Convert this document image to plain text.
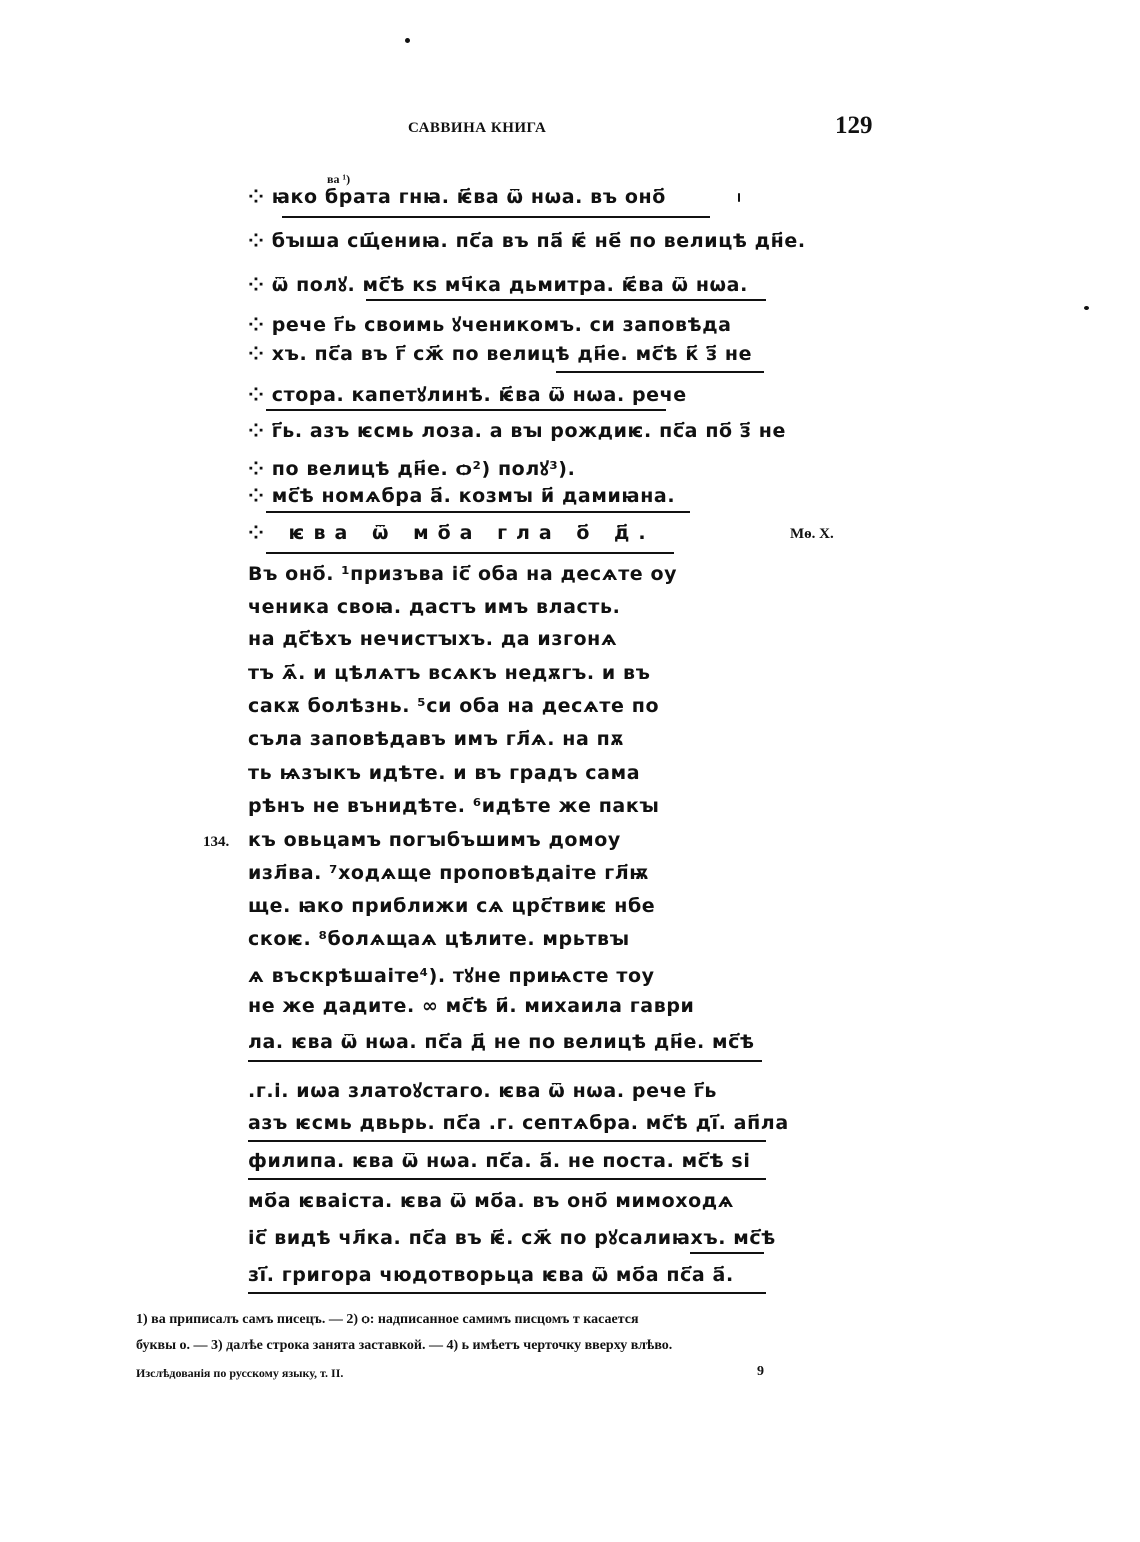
САВВИНА КНИГА	129
ва ¹)
Мѳ. X.
134.
⁘ ꙗко брата гнꙗ. ѥ҃ва ѿ нѡа. въ оно҃
⁘ бꙑша сщ҃ениꙗ. пс҃а въ па҃ ѥ҃ не҃ по велицѣ дн҃е.
⁘ ѿ полꙋ. мс҃ѣ кѕ мч҃ка дьмитра. ѥ҃ва ѿ нѡа.
⁘ рече г҃ь своимь ꙋченикомъ. си заповѣда
⁘ хъ. пс҃а въ г҃ сж҃ по велицѣ дн҃е. мс҃ѣ к҃ з҃ не
⁘ стора. капетꙋлинѣ. ѥ҃ва ѿ нѡа. рече
⁘ г҃ь. азъ ѥсмь лоза. а вꙑ рождиѥ. пс҃а по҃ з҃ не
⁘ по велицѣ дн҃е. ѻ²) полꙋ³).
⁘ мс҃ѣ номѧбра а҃. козмꙑ и҃ дамиꙗна.
⁘ ѥва ѿ мо҃а гла о҃ д҃.
Въ оно҃. ¹призъва іс҃ оба на десѧте оу
ченика своꙗ. дастъ имъ власть.
на дс҃ѣхъ нечистꙑхъ. да изгонѧ
тъ ѧ҃. и цѣлѧтъ всѧкъ недѫгъ. и въ
сакѫ болѣзнь. ⁵си оба на десѧте по
съла заповѣдавъ имъ гл҃ѧ. на пѫ
ть ѩзꙑкъ идѣте. и въ градъ сама
рѣнъ не вънидѣте. ⁶идѣте же пакꙑ
къ овьцамъ погꙑбъшимъ домоу
изл҃ва. ⁷ходѧще проповѣдаіте гл҃ѭ
ще. ꙗко приближи сѧ црс҃твиѥ нбе
скоѥ. ⁸болѧщаѧ цѣлите. мрьтвꙑ
ѧ въскрѣшаіте⁴). тꙋне приѩсте тоу
не же дадите. ∞ мс҃ѣ и҃. михаила гаври
ла. ѥва ѿ нѡа. пс҃а д҃ не по велицѣ дн҃е. мс҃ѣ
.г.і. иѡа златоꙋстаго. ѥва ѿ нѡа. рече г҃ь
азъ ѥсмь двьрь. пс҃а .г. септѧбра. мс҃ѣ ді҃. ап҃ла
филипа. ѥва ѿ нѡа. пс҃а. а҃. не поста. мс҃ѣ ѕі
мо҃а ѥваіста. ѥва ѿ мо҃а. въ оно҃ мимоходѧ
іс҃ видѣ чл҃ка. пс҃а въ ѥ҃. сж҃ по рꙋсалиꙗхъ. мс҃ѣ
зі҃. григора чюдотворьца ѥва ѿ мо҃а пс҃а а҃.
1) ва приписалъ самъ писецъ. — 2) ѻ: надписанное самимъ писцомъ т касается
буквы о. — 3) далѣе строка занята заставкой. — 4) ь имѣетъ черточку вверху влѣво.
Изслѣдованія по русскому языку, т. II.	9
